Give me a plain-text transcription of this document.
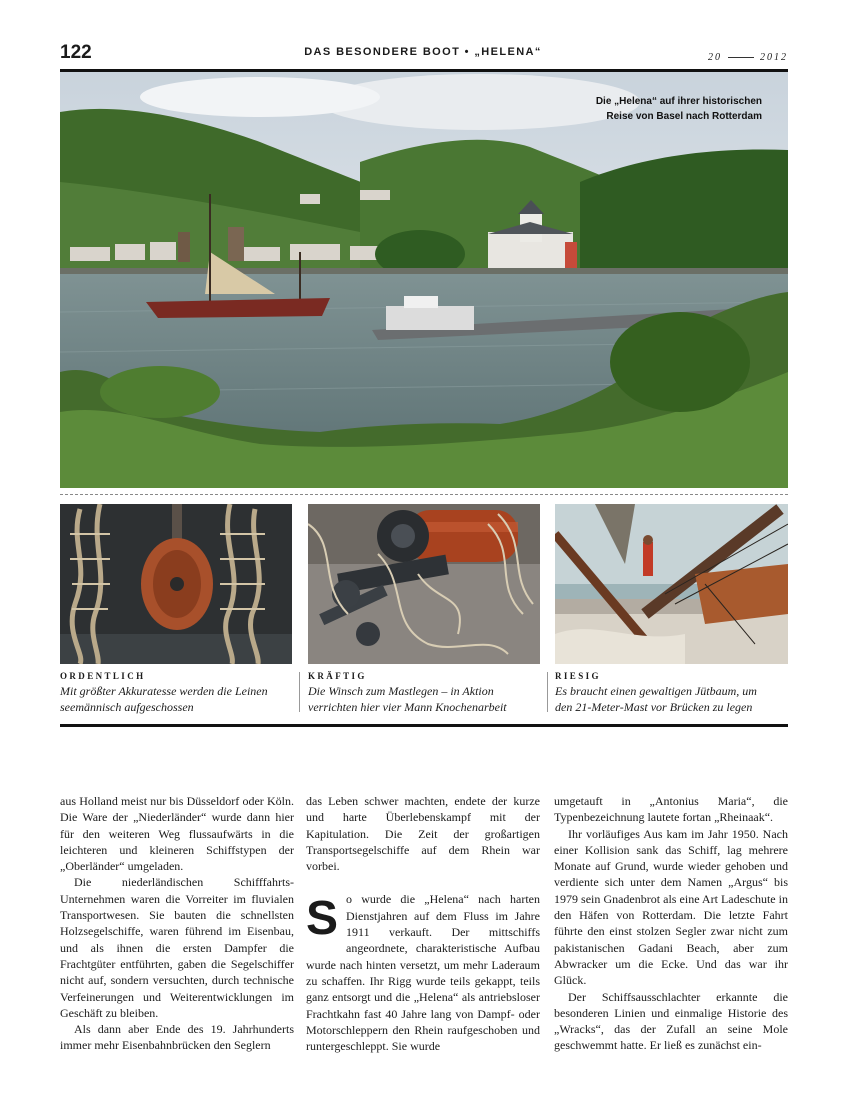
122	DAS BESONDERE BOOT • „HELENA“	20	2012
Die „Helena“ auf ihrer historischen
Reise von Basel nach Rotterdam
ORDENTLICH
Mit größter Akkuratesse werden die Leinen
seemännisch aufgeschossen
KRÄFTIG
Die Winsch zum Mastlegen – in Aktion
verrichten hier vier Mann Knochenarbeit
RIESIG
Es braucht einen gewaltigen Jütbaum, um
den 21-Meter-Mast vor Brücken zu legen

aus Holland meist nur bis Düsseldorf oder Köln. Die Ware der „Niederländer“ wurde dann hier für den weiteren Weg flussaufwärts in die leichteren und kleineren Schiffstypen der „Oberländer“ umgeladen.

Die niederländischen Schifffahrts-Unternehmen waren die Vorreiter im fluvialen Transportwesen. Sie bauten die schnellsten Holzsegelschiffe, waren führend im Eisenbau, und als ihnen die ersten Dampfer die Frachtgüter entführten, gaben die Segelschiffer nicht auf, sondern versuchten, durch technische Verfeinerungen und Weiterentwicklungen im Geschäft zu bleiben.

Als dann aber Ende des 19. Jahrhunderts immer mehr Eisenbahnbrücken den Seglern

das Leben schwer machten, endete der kurze und harte Überlebenskampf mit der Kapitulation. Die Zeit der großartigen Transportsegelschiffe auf dem Rhein war vorbei.

S o wurde die „Helena“ nach harten Dienstjahren auf dem Fluss im Jahre 1911 verkauft. Der mittschiffs angeordnete, charakteristische Aufbau wurde nach hinten versetzt, um mehr Laderaum zu schaffen. Ihr Rigg wurde teils gekappt, teils ganz entsorgt und die „Helena“ als antriebsloser Frachtkahn fast 40 Jahre lang von Dampf- oder Motorschleppern den Rhein raufgeschoben und runtergeschleppt. Sie wurde

umgetauft in „Antonius Maria“, die Typenbezeichnung lautete fortan „Rheinaak“.

Ihr vorläufiges Aus kam im Jahr 1950. Nach einer Kollision sank das Schiff, lag mehrere Monate auf Grund, wurde wieder gehoben und verdiente sich unter dem Namen „Argus“ bis 1979 sein Gnadenbrot als eine Art Ladeschute in den Häfen von Rotterdam. Die letzte Fahrt führte den einst stolzen Segler zwar nicht zum pakistanischen Gadani Beach, aber zum Abwracker um die Ecke. Und das war ihr Glück.

Der Schiffsausschlachter erkannte die besonderen Linien und einmalige Historie des „Wracks“, das der Zufall an seine Mole geschwemmt hatte. Er ließ es zunächst ein-
